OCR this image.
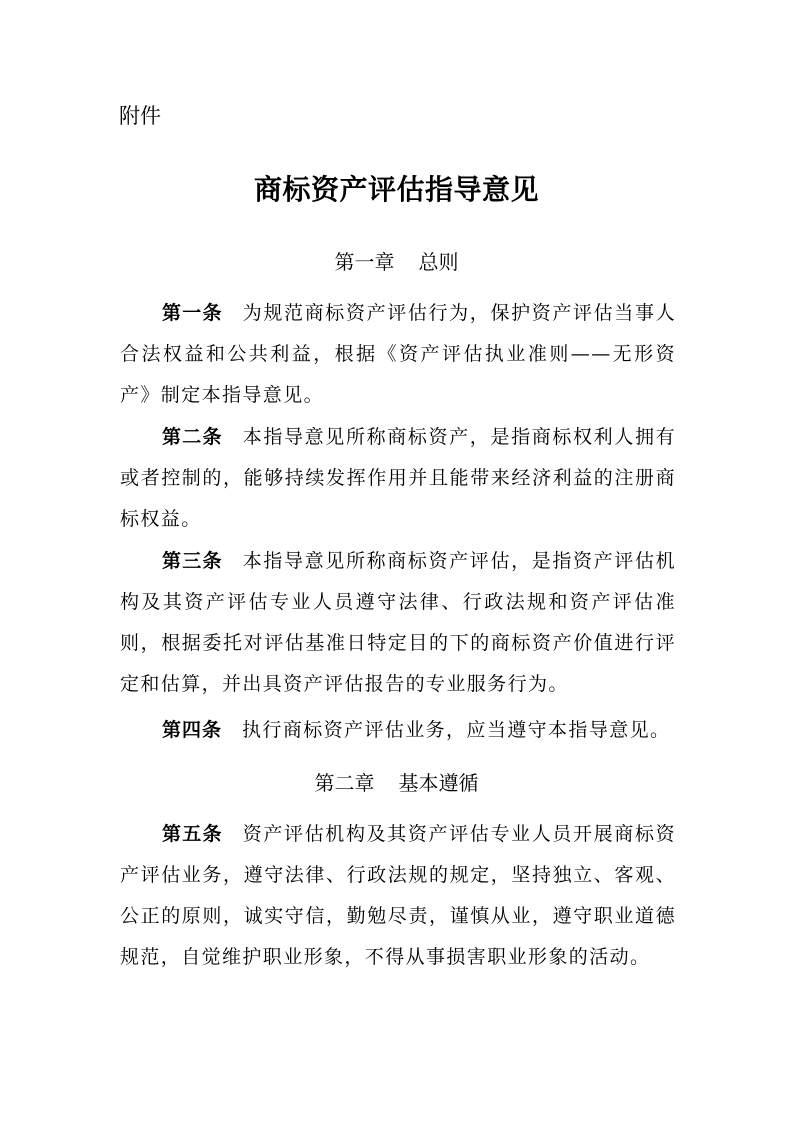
附件
商标资产评估指导意见
第一章 总则

第一条 为规范商标资产评估行为，保护资产评估当事人合法权益和公共利益，根据《资产评估执业准则——无形资产》制定本指导意见。

第二条 本指导意见所称商标资产，是指商标权利人拥有或者控制的，能够持续发挥作用并且能带来经济利益的注册商标权益。

第三条 本指导意见所称商标资产评估，是指资产评估机构及其资产评估专业人员遵守法律、行政法规和资产评估准则，根据委托对评估基准日特定目的下的商标资产价值进行评定和估算，并出具资产评估报告的专业服务行为。

第四条 执行商标资产评估业务，应当遵守本指导意见。

第二章 基本遵循

第五条 资产评估机构及其资产评估专业人员开展商标资产评估业务，遵守法律、行政法规的规定，坚持独立、客观、公正的原则，诚实守信，勤勉尽责，谨慎从业，遵守职业道德规范，自觉维护职业形象，不得从事损害职业形象的活动。
